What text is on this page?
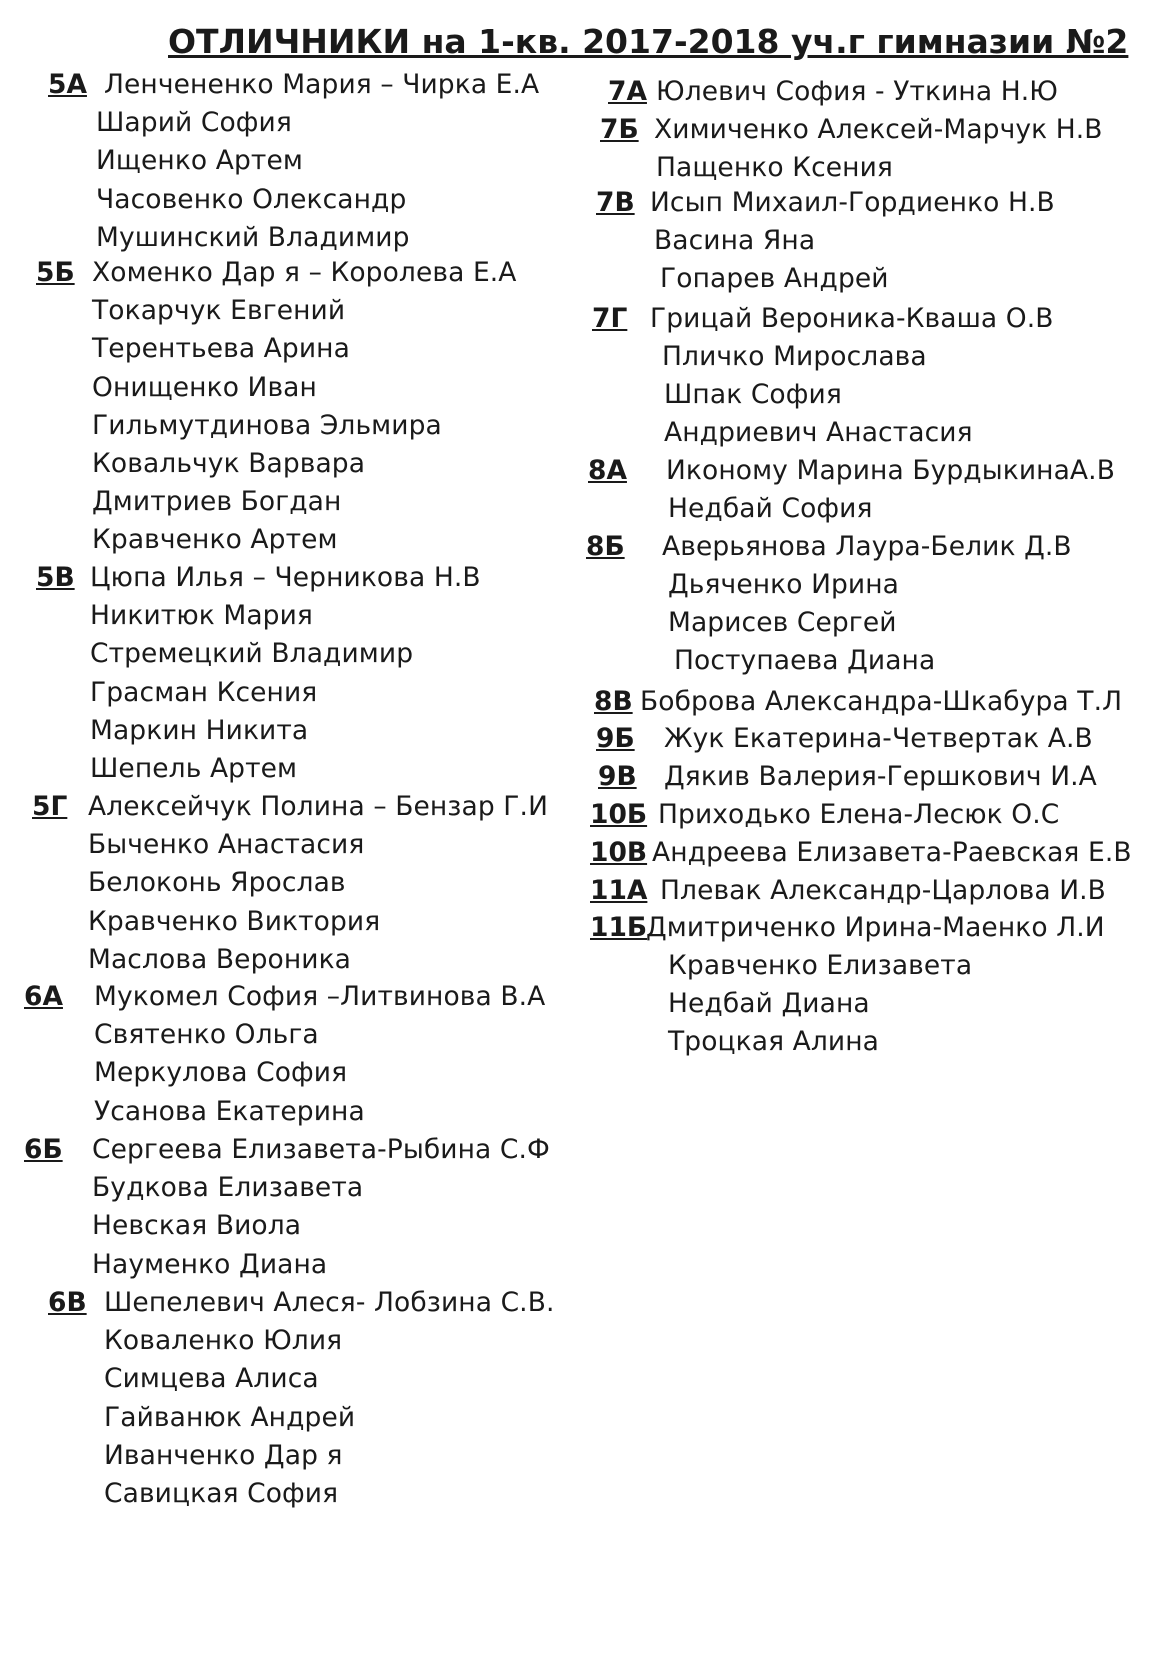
ОТЛИЧНИКИ на 1-кв. 2017-2018 уч.г гимназии №2
5А Ленчененко Мария – Чирка Е.А
Шарий София
Ищенко Артем
Часовенко Олександр
Мушинский Владимир
5Б Хоменко Дар я – Королева Е.А
Токарчук Евгений
Терентьева Арина
Онищенко Иван
Гильмутдинова Эльмира
Ковальчук Варвара
Дмитриев Богдан
Кравченко Артем
5В Цюпа Илья – Черникова Н.В
Никитюк Мария
Стремецкий Владимир
Грасман Ксения
Маркин Никита
Шепель Артем
5Г Алексейчук Полина – Бензар Г.И
Быченко Анастасия
Белоконь Ярослав
Кравченко Виктория
Маслова Вероника
6А Мукомел София –Литвинова В.А
Святенко Ольга
Меркулова София
Усанова Екатерина
6Б Сергеева Елизавета-Рыбина С.Ф
Будкова Елизавета
Невская Виола
Науменко Диана
6В Шепелевич Алеся- Лобзина С.В.
Коваленко Юлия
Симцева Алиса
Гайванюк Андрей
Иванченко Дар я
Савицкая София
7А Юлевич София - Уткина Н.Ю
7Б Химиченко Алексей-Марчук Н.В
Пащенко Ксения
7В Исып Михаил-Гордиенко Н.В
Васина Яна
Гопарев Андрей
7Г Грицай Вероника-Кваша О.В
Пличко Мирослава
Шпак София
Андриевич Анастасия
8А Икономy Марина БурдыкинаА.В
Недбай София
8Б Аверьянова Лаура-Белик Д.В
Дьяченко Ирина
Марисев Сергей
Поступаева Диана
8В Боброва Александра-Шкабура Т.Л
9Б Жук Екатерина-Четвертак А.В
9В Дякив Валерия-Гершкович И.А
10Б Приходько Елена-Лесюк О.С
10В Андреева Елизавета-Раевская Е.В
11А Плевак Александр-Царлова И.В
11Б
Дмитриченко Ирина-Маенко Л.И
Кравченко Елизавета
Недбай Диана
Троцкая Алина
